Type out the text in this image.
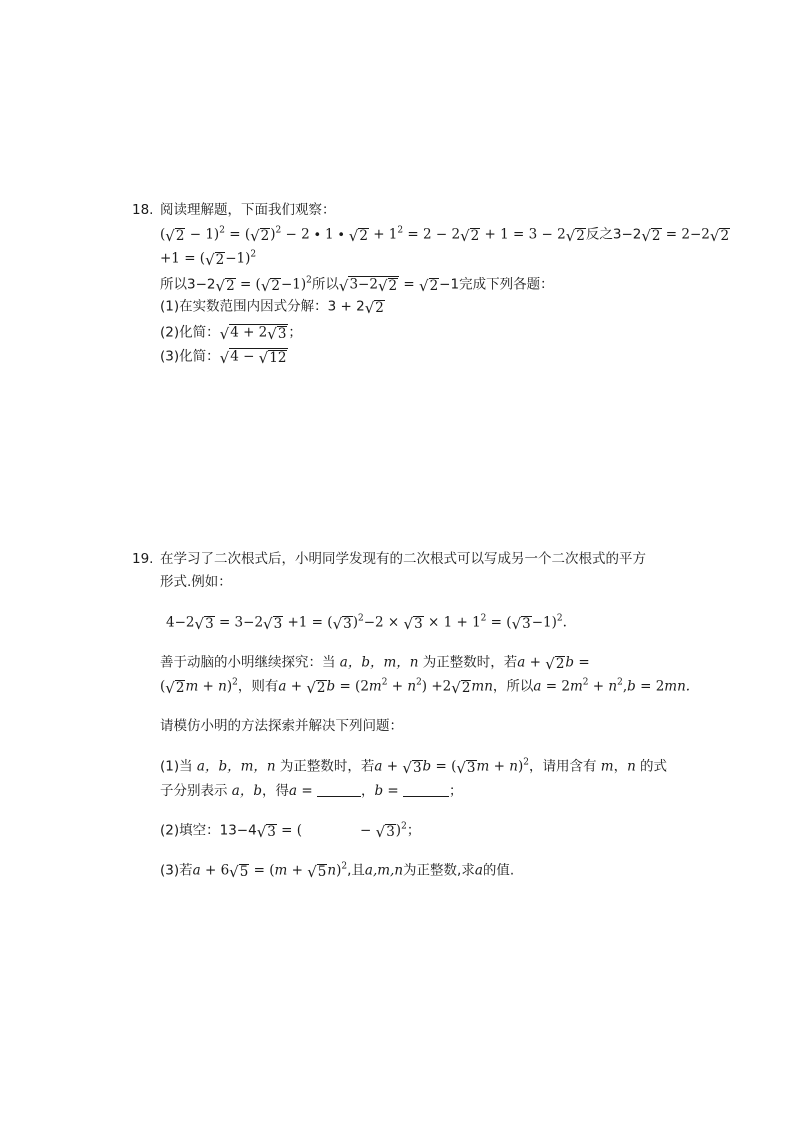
18. 阅读理解题，下面我们观察：
( √ 2 − 1)$^2$ = ( √ 2 )$^2$ − 2 ∙ 1 ∙ √ $2 + 1^2 = 2 - 2$ √ 2 + 1 = 3 − 2 √ 2 反之3−2 √ 2 = 2−2 √ 2
+1 = ( √ 2 −1)$^2$
所以3−2 √ 2 = ( √ 2 −1)$^2$所以 √ 3−2 √ 2 = √ 2 −1完成下列各题：
(1)在实数范围内因式分解：3 + 2 √ 2
(2)化简： √ 4 + 2 √ 3 ；
(3)化简： √ 4 − √ 12
19. 在学习了二次根式后，小明同学发现有的二次根式可以写成另一个二次根式的平方
形式.例如：
4−2 √ 3 = 3−2 √ 3 +1 = ( √ 3 )$^2$−2 × √ $3 \times 1 + 1^2$ = ( √ 3 −1)$^2$.
善于动脑的小明继续探究：当 a，b，m，n 为正整数时，若a + √ 2 b =
( √ 2 m + n)$^2$，则有a + √ 2 $b = (2m^2 + n^2) +2$ √ 2 mn，所以$a = 2m^2 + n^2,b = 2mn$.
请模仿小明的方法探索并解决下列问题：
(1)当 a，b，m，n 为正整数时，若a + √ 3 b = ( √ 3 m + n)$^2$，请用含有 m，n 的式
子分别表示 a，b，得a =	，b =	；
(2)填空：13−4 √ 3 = (	− √ 3 )$^2$；
(3)若a + 6 √ 5 = (m + √ 5 n)$^2$,且a,m,n为正整数,求a的值.
